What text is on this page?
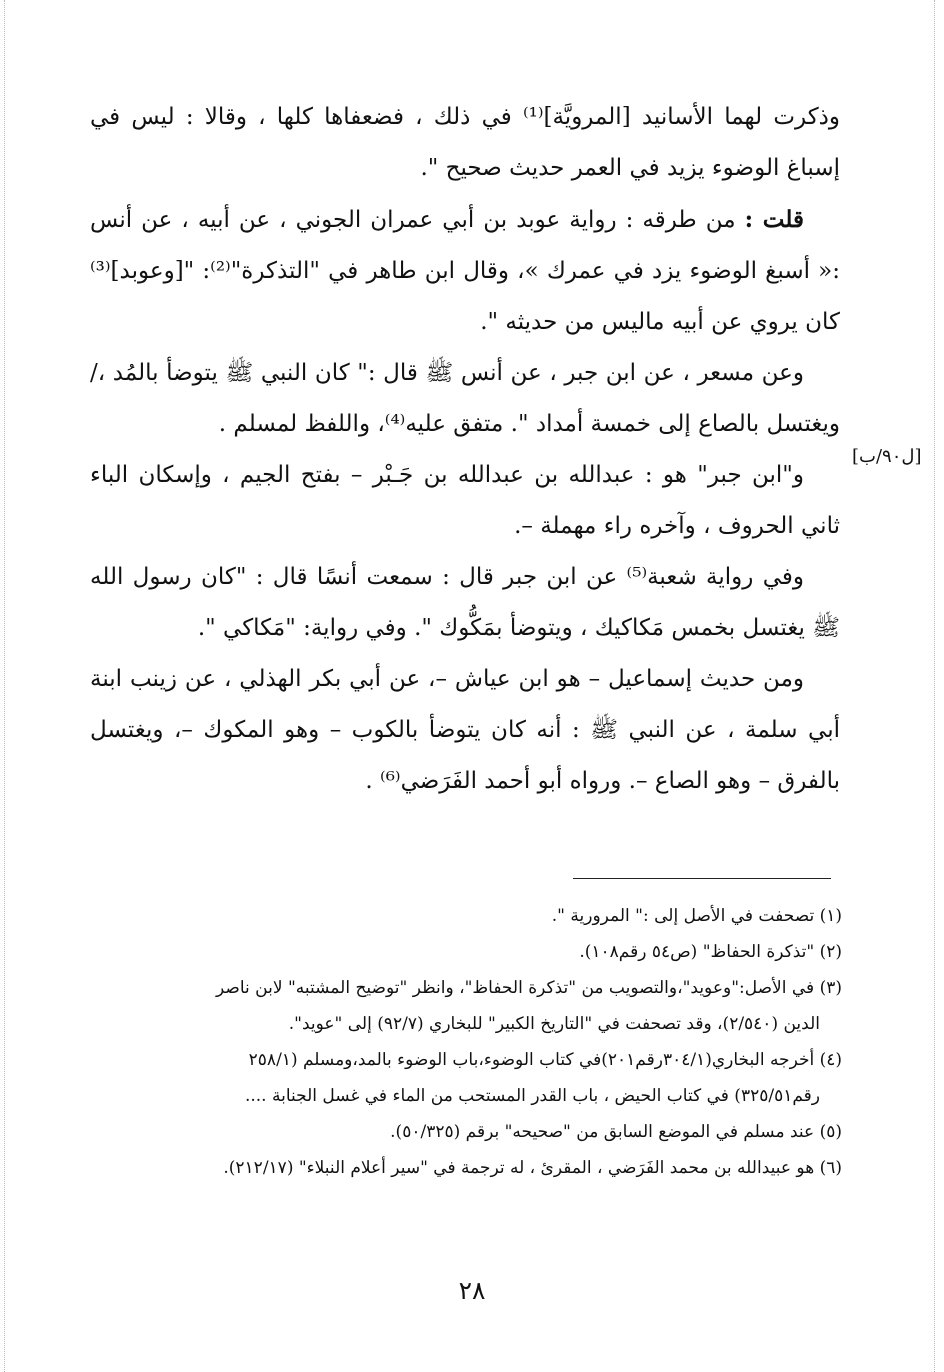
وذكرت لهما الأسانيد [المرويَّة]⁽¹⁾ في ذلك ، فضعفاها كلها ، وقالا : ليس في إسباغ الوضوء يزيد في العمر حديث صحيح ".

قلت : من طرقه : رواية عوبد بن أبي عمران الجوني ، عن أبيه ، عن أنس :« أسبغ الوضوء يزد في عمرك »، وقال ابن طاهر في "التذكرة"⁽²⁾: "[وعوبد]⁽³⁾ كان يروي عن أبيه ماليس من حديثه ".

وعن مسعر ، عن ابن جبر ، عن أنس ﷺ قال :" كان النبي ﷺ يتوضأ بالمُد ،/ ويغتسل بالصاع إلى خمسة أمداد ". متفق عليه⁽⁴⁾، واللفظ لمسلم .

و"ابن جبر" هو : عبدالله بن عبدالله بن جَـبْر – بفتح الجيم ، وإسكان الباء ثاني الحروف ، وآخره راء مهملة –.

وفي رواية شعبة⁽⁵⁾ عن ابن جبر قال : سمعت أنسًا قال : "كان رسول الله ﷺ يغتسل بخمس مَكاكيك ، ويتوضأ بمَكُّوك ". وفي رواية: "مَكاكي ".

ومن حديث إسماعيل – هو ابن عياش –، عن أبي بكر الهذلي ، عن زينب ابنة أبي سلمة ، عن النبي ﷺ : أنه كان يتوضأ بالكوب – وهو المكوك –، ويغتسل بالفرق – وهو الصاع –. ورواه أبو أحمد الفَرَضي⁽⁶⁾ .

[ل٩٠/ب]

(١) تصحفت في الأصل إلى :" المرورية ".

(٢) "تذكرة الحفاظ" (ص٥٤ رقم١٠٨).

(٣) في الأصل:"وعويد"،والتصويب من "تذكرة الحفاظ"، وانظر "توضيح المشتبه" لابن ناصر

الدين (٢/٥٤٠)، وقد تصحفت في "التاريخ الكبير" للبخاري (٩٢/٧) إلى "عويد".

(٤) أخرجه البخاري(٣٠٤/١رقم٢٠١)في كتاب الوضوء،باب الوضوء بالمد،ومسلم (٢٥٨/١

رقم٣٢٥/٥١) في كتاب الحيض ، باب القدر المستحب من الماء في غسل الجنابة ....

(٥) عند مسلم في الموضع السابق من "صحيحه" برقم (٥٠/٣٢٥).

(٦) هو عبيدالله بن محمد الفَرَضي ، المقرئ ، له ترجمة في "سير أعلام النبلاء" (٢١٢/١٧).

٢٨
